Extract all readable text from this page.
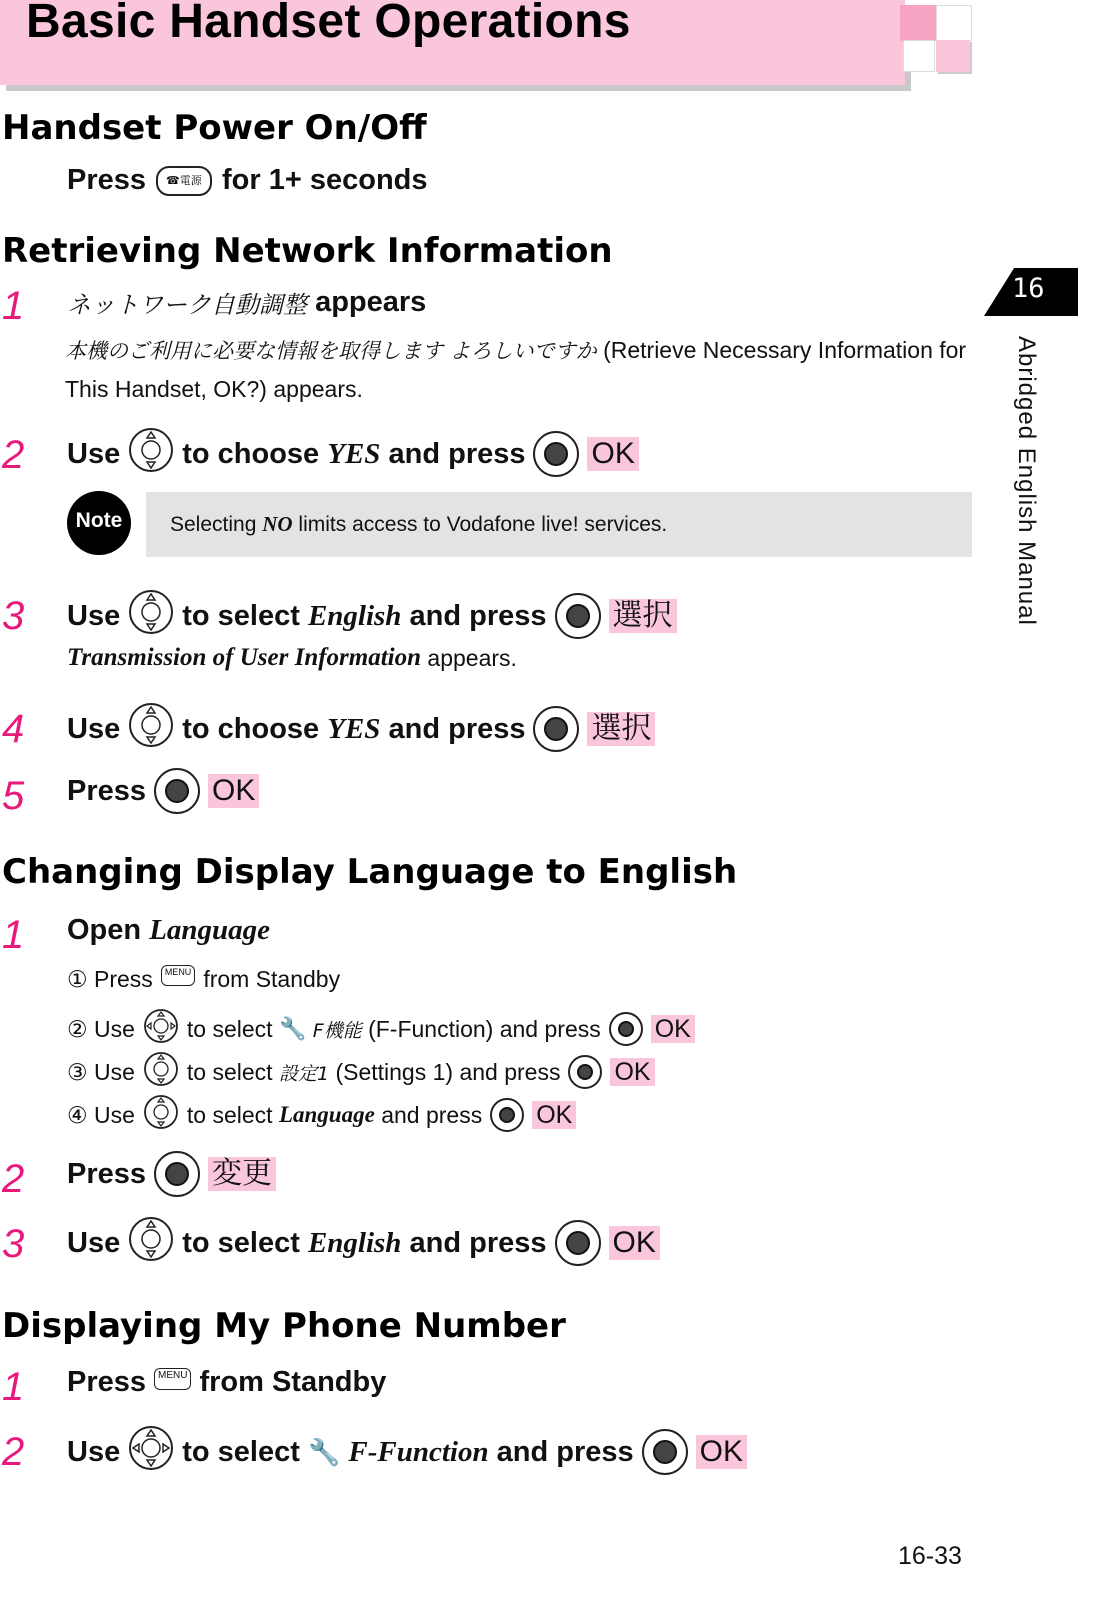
Basic Handset Operations
16
Abridged English Manual
Handset Power On/Off
Press ☎電源 for 1+ seconds
Retrieving Network Information
1 ネットワーク自動調整
appears
本機のご利用に必要な情報を取得します よろしいですか (Retrieve Necessary Information for This Handset, OK?) appears.
2 Use to choose
YES
and press OK
Note	Selecting NO limits access to Vodafone live! services.
3 Use to select
English
and press 選択
Transmission of User Information
appears.
4 Use to choose
YES
and press 選択
5 Press OK
Changing Display Language to English
1 Open
Language
①
Press	MENU from Standby
②
Use to select
🔧
F機能
(F-Function) and press OK
③
Use to select
設定1
(Settings 1) and press OK
④
Use to select
Language
and press OK
2 Press 変更
3 Use to select
English
and press OK
Displaying My Phone Number
1 Press	MENU from Standby
2 Use to select
🔧
F-Function
and press OK
16-33
